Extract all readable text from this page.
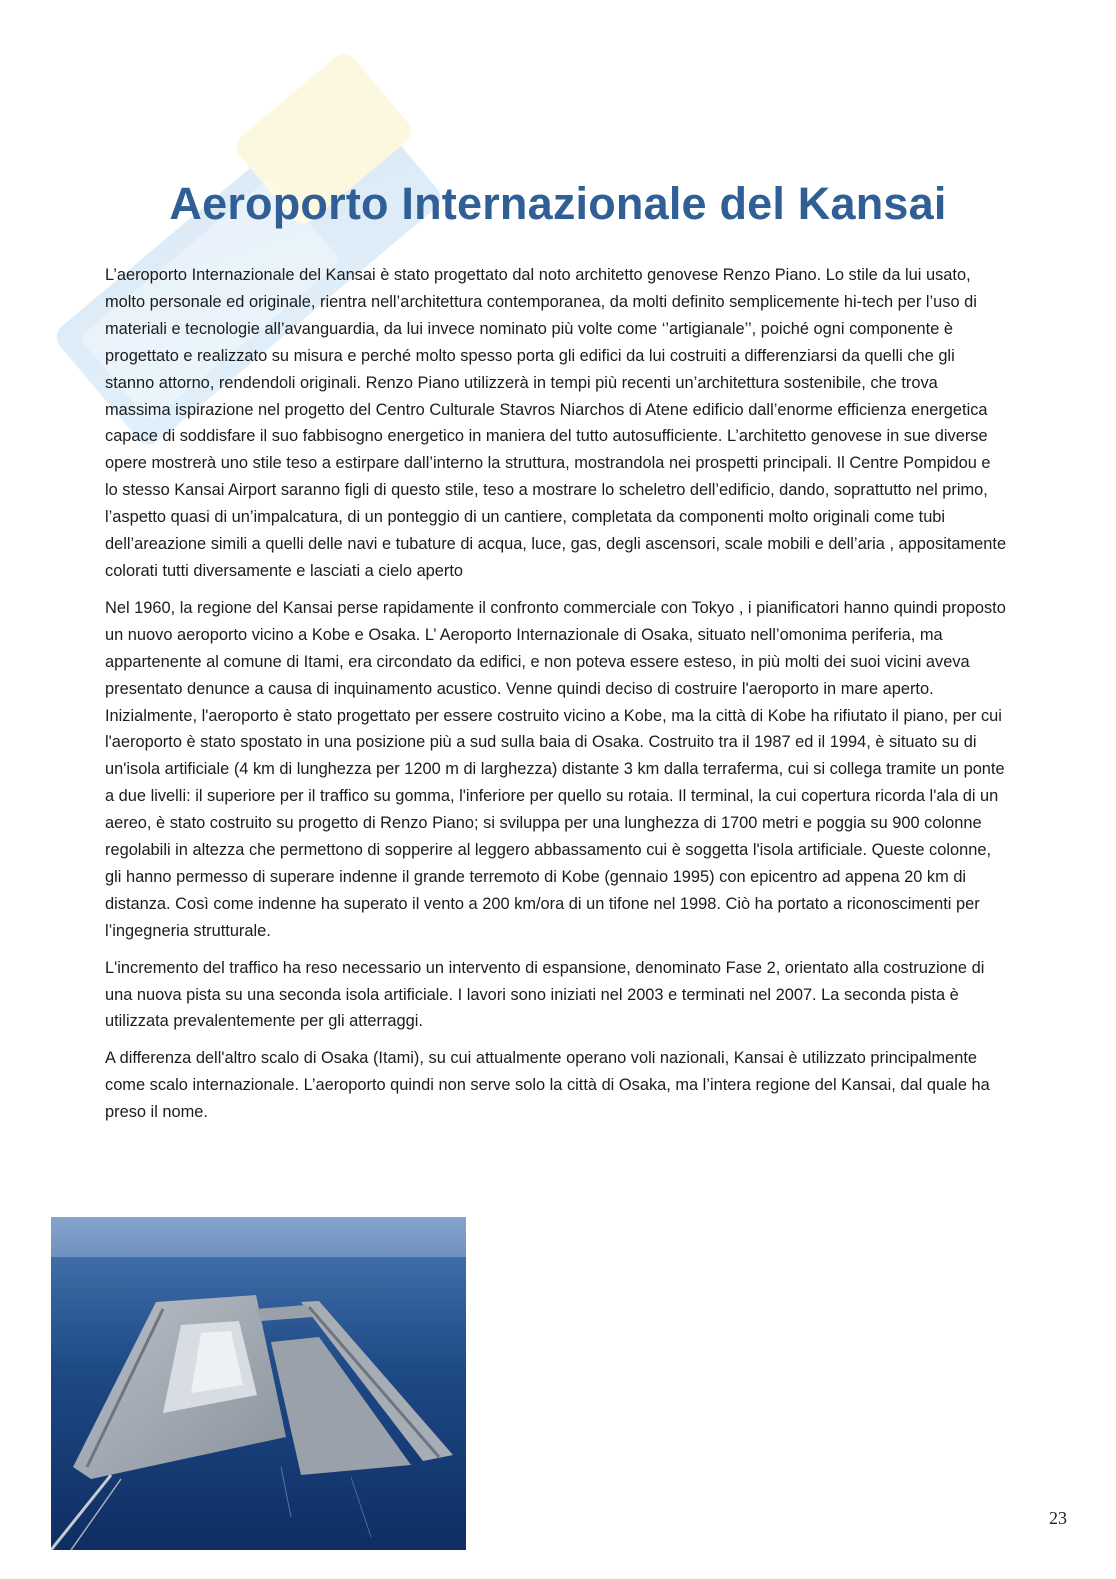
Aeroporto Internazionale del Kansai

L’aeroporto Internazionale del Kansai è stato progettato dal noto architetto genovese Renzo Piano. Lo stile da lui usato, molto personale ed originale, rientra nell’architettura contemporanea, da molti definito semplicemente hi-tech per l’uso di materiali e tecnologie all’avanguardia, da lui invece nominato più volte come ‘’artigianale’’, poiché ogni componente è progettato e realizzato su misura e perché molto spesso porta gli edifici da lui costruiti a differenziarsi da quelli che gli stanno attorno, rendendoli originali. Renzo Piano utilizzerà in tempi più recenti un’architettura sostenibile, che trova massima ispirazione nel progetto del Centro Culturale Stavros Niarchos di Atene edificio dall’enorme efficienza energetica capace di soddisfare il suo fabbisogno energetico in maniera del tutto autosufficiente. L’architetto genovese in sue diverse opere mostrerà uno stile teso a estirpare dall’interno la struttura, mostrandola nei prospetti principali. Il Centre Pompidou e lo stesso Kansai Airport saranno figli di questo stile, teso a mostrare lo scheletro dell’edificio, dando, soprattutto nel primo, l’aspetto quasi di un’impalcatura, di un ponteggio di un cantiere, completata da componenti molto originali come tubi dell’areazione simili a quelli delle navi e tubature di acqua, luce, gas, degli ascensori, scale mobili e dell’aria , appositamente colorati tutti diversamente e lasciati a cielo aperto

Nel 1960, la regione del Kansai perse rapidamente il confronto commerciale con Tokyo , i pianificatori hanno quindi proposto un nuovo aeroporto vicino a Kobe e Osaka. L’ Aeroporto Internazionale di Osaka, situato nell’omonima periferia, ma appartenente al comune di Itami, era circondato da edifici, e non poteva essere esteso, in più molti dei suoi vicini aveva presentato denunce a causa di inquinamento acustico. Venne quindi deciso di costruire l'aeroporto in mare aperto. Inizialmente, l'aeroporto è stato progettato per essere costruito vicino a Kobe, ma la città di Kobe ha rifiutato il piano, per cui l'aeroporto è stato spostato in una posizione più a sud sulla baia di Osaka. Costruito tra il 1987 ed il 1994, è situato su di un'isola artificiale (4 km di lunghezza per 1200 m di larghezza) distante 3 km dalla terraferma, cui si collega tramite un ponte a due livelli: il superiore per il traffico su gomma, l'inferiore per quello su rotaia. Il terminal, la cui copertura ricorda l'ala di un aereo, è stato costruito su progetto di Renzo Piano; si sviluppa per una lunghezza di 1700 metri e poggia su 900 colonne regolabili in altezza che permettono di sopperire al leggero abbassamento cui è soggetta l'isola artificiale. Queste colonne, gli hanno permesso di superare indenne il grande terremoto di Kobe (gennaio 1995) con epicentro ad appena 20 km di distanza. Così come indenne ha superato il vento a 200 km/ora di un tifone nel 1998. Ciò ha portato a riconoscimenti per l’ingegneria strutturale.

L'incremento del traffico ha reso necessario un intervento di espansione, denominato Fase 2, orientato alla costruzione di una nuova pista su una seconda isola artificiale. I lavori sono iniziati nel 2003 e terminati nel 2007. La seconda pista è utilizzata prevalentemente per gli atterraggi.

A differenza dell'altro scalo di Osaka (Itami), su cui attualmente operano voli nazionali, Kansai è utilizzato principalmente come scalo internazionale. L’aeroporto quindi non serve solo la città di Osaka, ma l’intera regione del Kansai, dal quale ha preso il nome.

23
